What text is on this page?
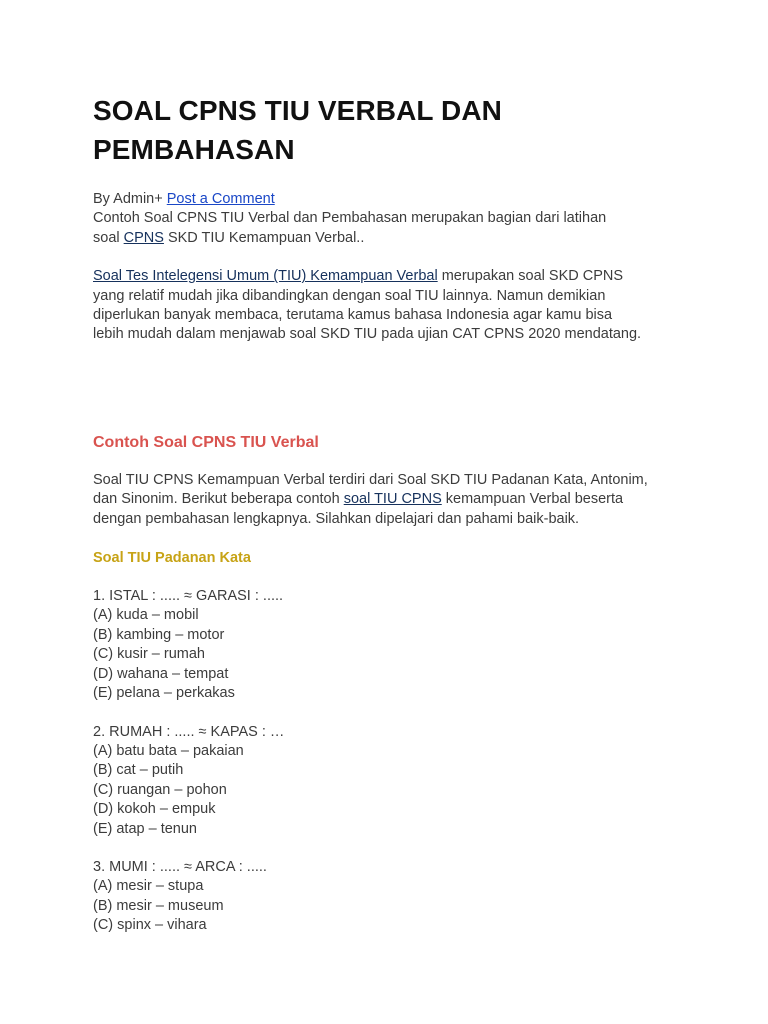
SOAL CPNS TIU VERBAL DAN
PEMBAHASAN

By Admin+ Post a Comment

Contoh Soal CPNS TIU Verbal dan Pembahasan merupakan bagian dari latihan
soal CPNS SKD TIU Kemampuan Verbal..

Soal Tes Intelegensi Umum (TIU) Kemampuan Verbal merupakan soal SKD CPNS
yang relatif mudah jika dibandingkan dengan soal TIU lainnya. Namun demikian
diperlukan banyak membaca, terutama kamus bahasa Indonesia agar kamu bisa
lebih mudah dalam menjawab soal SKD TIU pada ujian CAT CPNS 2020 mendatang.

Contoh Soal CPNS TIU Verbal

Soal TIU CPNS Kemampuan Verbal terdiri dari Soal SKD TIU Padanan Kata, Antonim,
dan Sinonim. Berikut beberapa contoh soal TIU CPNS kemampuan Verbal beserta
dengan pembahasan lengkapnya. Silahkan dipelajari dan pahami baik-baik.

Soal TIU Padanan Kata

1. ISTAL : ..... ≈ GARASI : .....
(A) kuda – mobil
(B) kambing – motor
(C) kusir – rumah
(D) wahana – tempat
(E) pelana – perkakas

2. RUMAH : ..... ≈ KAPAS : …
(A) batu bata – pakaian
(B) cat – putih
(C) ruangan – pohon
(D) kokoh – empuk
(E) atap – tenun

3. MUMI : ..... ≈ ARCA : .....
(A) mesir – stupa
(B) mesir – museum
(C) spinx – vihara
